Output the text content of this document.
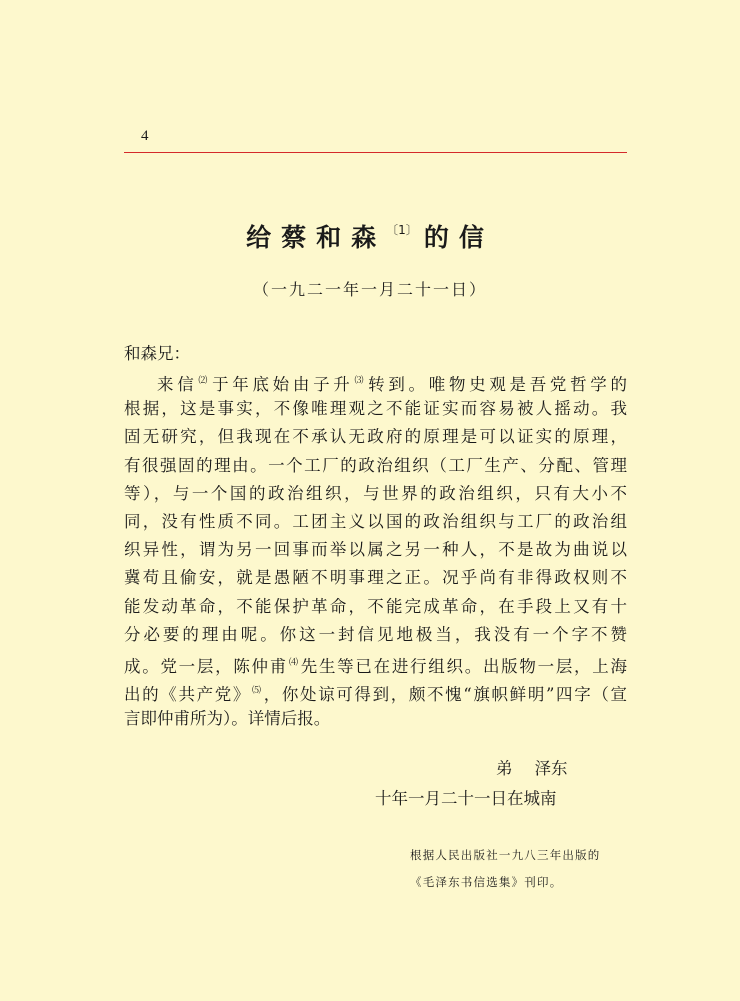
4
给蔡和森$^{〔1〕}$ 的信
（一九二一年一月二十一日）
和森兄：
来信⑵于年底始由子升⑶转到。唯物史观是吾党哲学的
根据，这是事实，不像唯理观之不能证实而容易被人摇动。我
固无研究，但我现在不承认无政府的原理是可以证实的原理，
有很强固的理由。一个工厂的政治组织（工厂生产、分配、管理
等），与一个国的政治组织，与世界的政治组织，只有大小不
同，没有性质不同。工团主义以国的政治组织与工厂的政治组
织异性，谓为另一回事而举以属之另一种人，不是故为曲说以
冀苟且偷安，就是愚陋不明事理之正。况乎尚有非得政权则不
能发动革命，不能保护革命，不能完成革命，在手段上又有十
分必要的理由呢。你这一封信见地极当，我没有一个字不赞
成。党一层，陈仲甫⑷先生等已在进行组织。出版物一层，上海
出的《共产党》⑸，你处谅可得到，颇不愧“旗帜鲜明”四字（宣
言即仲甫所为）。详情后报。
弟 泽东
十年一月二十一日在城南
根据人民出版社一九八三年出版的
《毛泽东书信选集》刊印。
